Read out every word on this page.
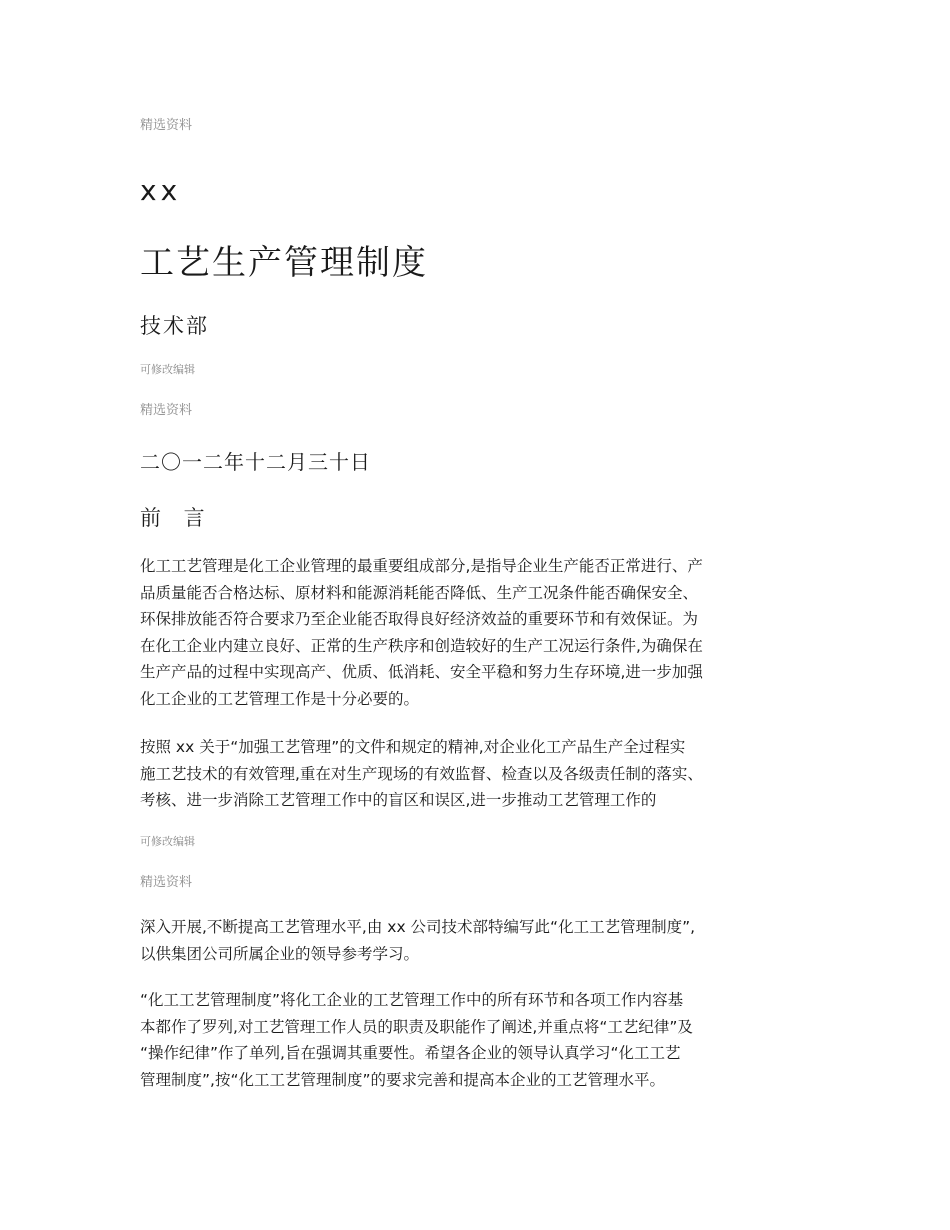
精选资料
xx
工艺生产管理制度
技术部
可修改编辑
精选资料
二〇一二年十二月三十日
前 言
化工工艺管理是化工企业管理的最重要组成部分,是指导企业生产能否正常进行、产
品质量能否合格达标、原材料和能源消耗能否降低、生产工况条件能否确保安全、
环保排放能否符合要求乃至企业能否取得良好经济效益的重要环节和有效保证。为
在化工企业内建立良好、正常的生产秩序和创造较好的生产工况运行条件,为确保在
生产产品的过程中实现高产、优质、低消耗、安全平稳和努力生存环境,进一步加强
化工企业的工艺管理工作是十分必要的。
按照 xx 关于“加强工艺管理”的文件和规定的精神,对企业化工产品生产全过程实
施工艺技术的有效管理,重在对生产现场的有效监督、检查以及各级责任制的落实、
考核、进一步消除工艺管理工作中的盲区和误区,进一步推动工艺管理工作的
可修改编辑
精选资料
深入开展,不断提高工艺管理水平,由 xx 公司技术部特编写此“化工工艺管理制度”,
以供集团公司所属企业的领导参考学习。
“化工工艺管理制度”将化工企业的工艺管理工作中的所有环节和各项工作内容基
本都作了罗列,对工艺管理工作人员的职责及职能作了阐述,并重点将“工艺纪律”及
“操作纪律”作了单列,旨在强调其重要性。希望各企业的领导认真学习“化工工艺
管理制度”,按“化工工艺管理制度”的要求完善和提高本企业的工艺管理水平。
